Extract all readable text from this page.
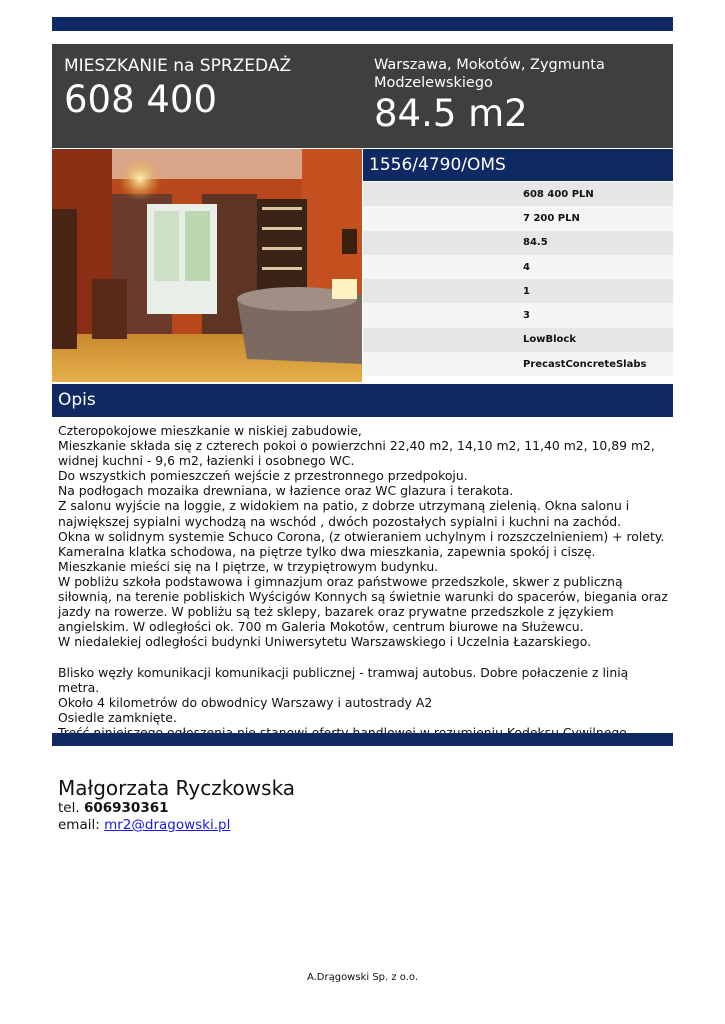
MIESZKANIE na SPRZEDAŻ
608 400
Warszawa, Mokotów, Zygmunta Modzelewskiego
84.5 m2
1556/4790/OMS
608 400 PLN
7 200 PLN
84.5
4
1
3
LowBlock
PrecastConcreteSlabs
Opis

Czteropokojowe mieszkanie w niskiej zabudowie,

Mieszkanie składa się z czterech pokoi o powierzchni 22,40 m2, 14,10 m2, 11,40 m2, 10,89 m2,

widnej kuchni - 9,6 m2, łazienki i osobnego WC.

Do wszystkich pomieszczeń wejście z przestronnego przedpokoju.

Na podłogach mozaika drewniana, w łazience oraz WC glazura i terakota.

Z salonu wyjście na loggie, z widokiem na patio, z dobrze utrzymaną zielenią. Okna salonu i

największej sypialni wychodzą na wschód , dwóch pozostałych sypialni i kuchni na zachód.

Okna w solidnym systemie Schuco Corona, (z otwieraniem uchylnym i rozszczelnieniem) + rolety.

Kameralna klatka schodowa, na piętrze tylko dwa mieszkania, zapewnia spokój i ciszę.

Mieszkanie mieści się na I piętrze, w trzypiętrowym budynku.

W pobliżu szkoła podstawowa i gimnazjum oraz państwowe przedszkole, skwer z publiczną

siłownią, na terenie pobliskich Wyścigów Konnych są świetnie warunki do spacerów, biegania oraz

jazdy na rowerze. W pobliżu są też sklepy, bazarek oraz prywatne przedszkole z językiem

angielskim. W odległości ok. 700 m Galeria Mokotów, centrum biurowe na Służewcu.

W niedalekiej odległości budynki Uniwersytetu Warszawskiego i Uczelnia Łazarskiego.

Blisko węzły komunikacji komunikacji publicznej - tramwaj autobus. Dobre połaczenie z linią metra.

Około 4 kilometrów do obwodnicy Warszawy i autostrady A2

Osiedle zamknięte.

Małgorzata Ryczkowska
tel. 606930361
email: mr2@dragowski.pl
A.Drągowski Sp. z o.o.
